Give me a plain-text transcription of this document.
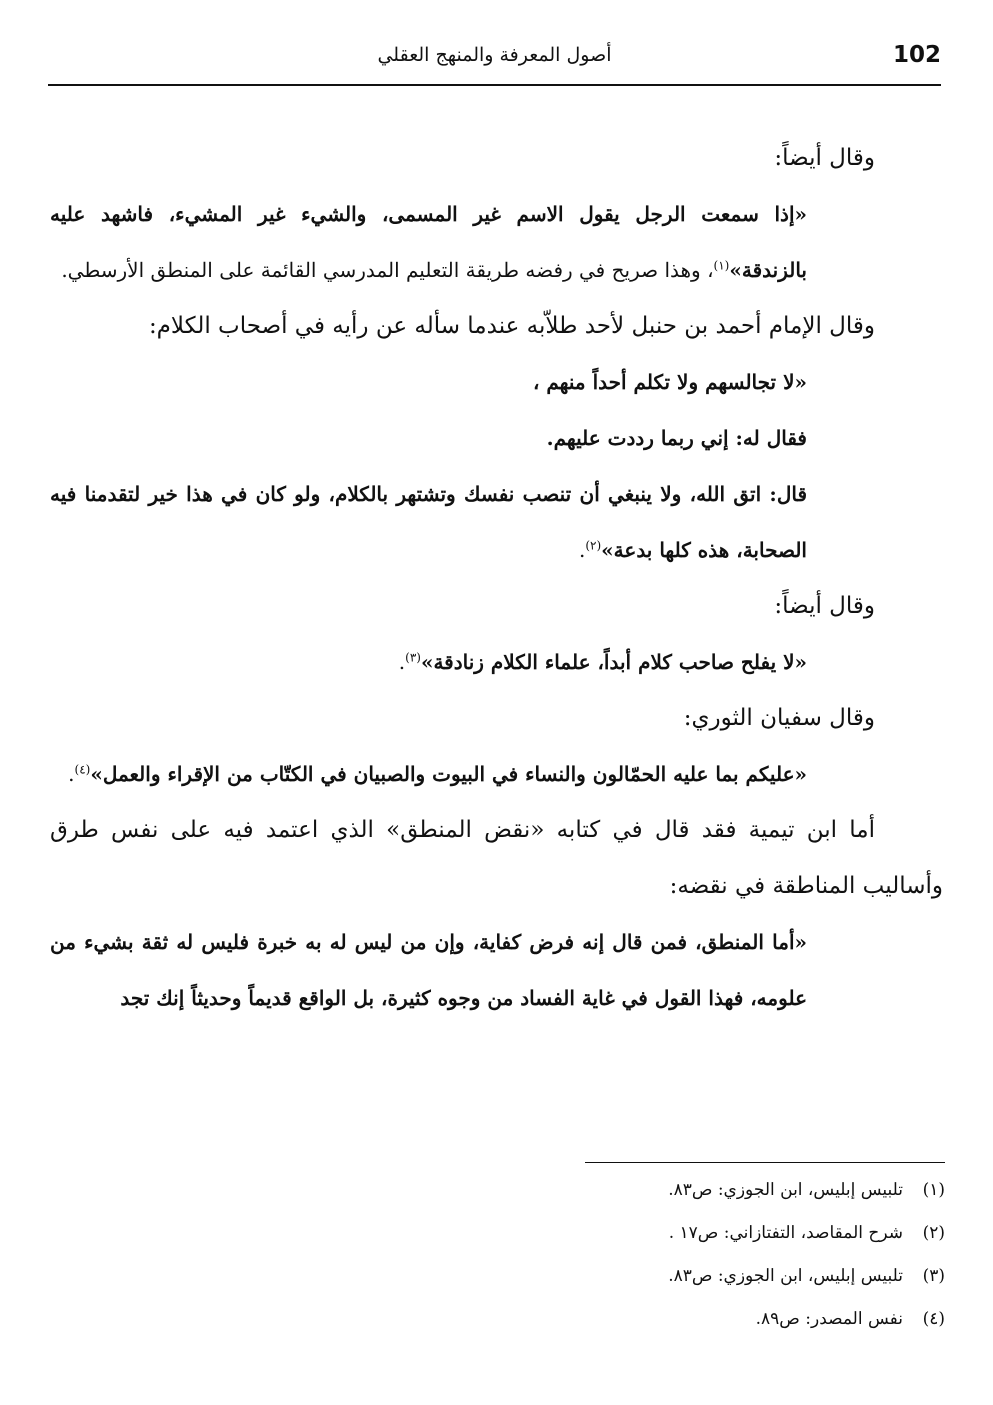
102
أصول المعرفة والمنهج العقلي

وقال أيضاً:

«إذا سمعت الرجل يقول الاسم غير المسمى، والشيء غير المشيء، فاشهد عليه بالزندقة»$^{(١)}$، وهذا صريح في رفضه طريقة التعليم المدرسي القائمة على المنطق الأرسطي.

وقال الإمام أحمد بن حنبل لأحد طلاّبه عندما سأله عن رأيه في أصحاب الكلام:

«لا تجالسهم ولا تكلم أحداً منهم ،

فقال له: إني ربما رددت عليهم.

قال: اتق الله، ولا ينبغي أن تنصب نفسك وتشتهر بالكلام، ولو كان في هذا خير لتقدمنا فيه الصحابة، هذه كلها بدعة»$^{(٢)}$.

وقال أيضاً:

«لا يفلح صاحب كلام أبداً، علماء الكلام زنادقة»$^{(٣)}$.

وقال سفيان الثوري:

«عليكم بما عليه الحمّالون والنساء في البيوت والصبيان في الكتّاب من الإقراء والعمل»$^{(٤)}$.

أما ابن تيمية فقد قال في كتابه «نقض المنطق» الذي اعتمد فيه على نفس طرق وأساليب المناطقة في نقضه:

«أما المنطق، فمن قال إنه فرض كفاية، وإن من ليس له به خبرة فليس له ثقة بشيء من علومه، فهذا القول في غاية الفساد من وجوه كثيرة، بل الواقع قديماً وحديثاً إنك تجد

(١)تلبيس إبليس، ابن الجوزي: ص٨٣.

(٢)شرح المقاصد، التفتازاني: ص١٧ .

(٣)تلبيس إبليس، ابن الجوزي: ص٨٣.

(٤)نفس المصدر: ص٨٩.
